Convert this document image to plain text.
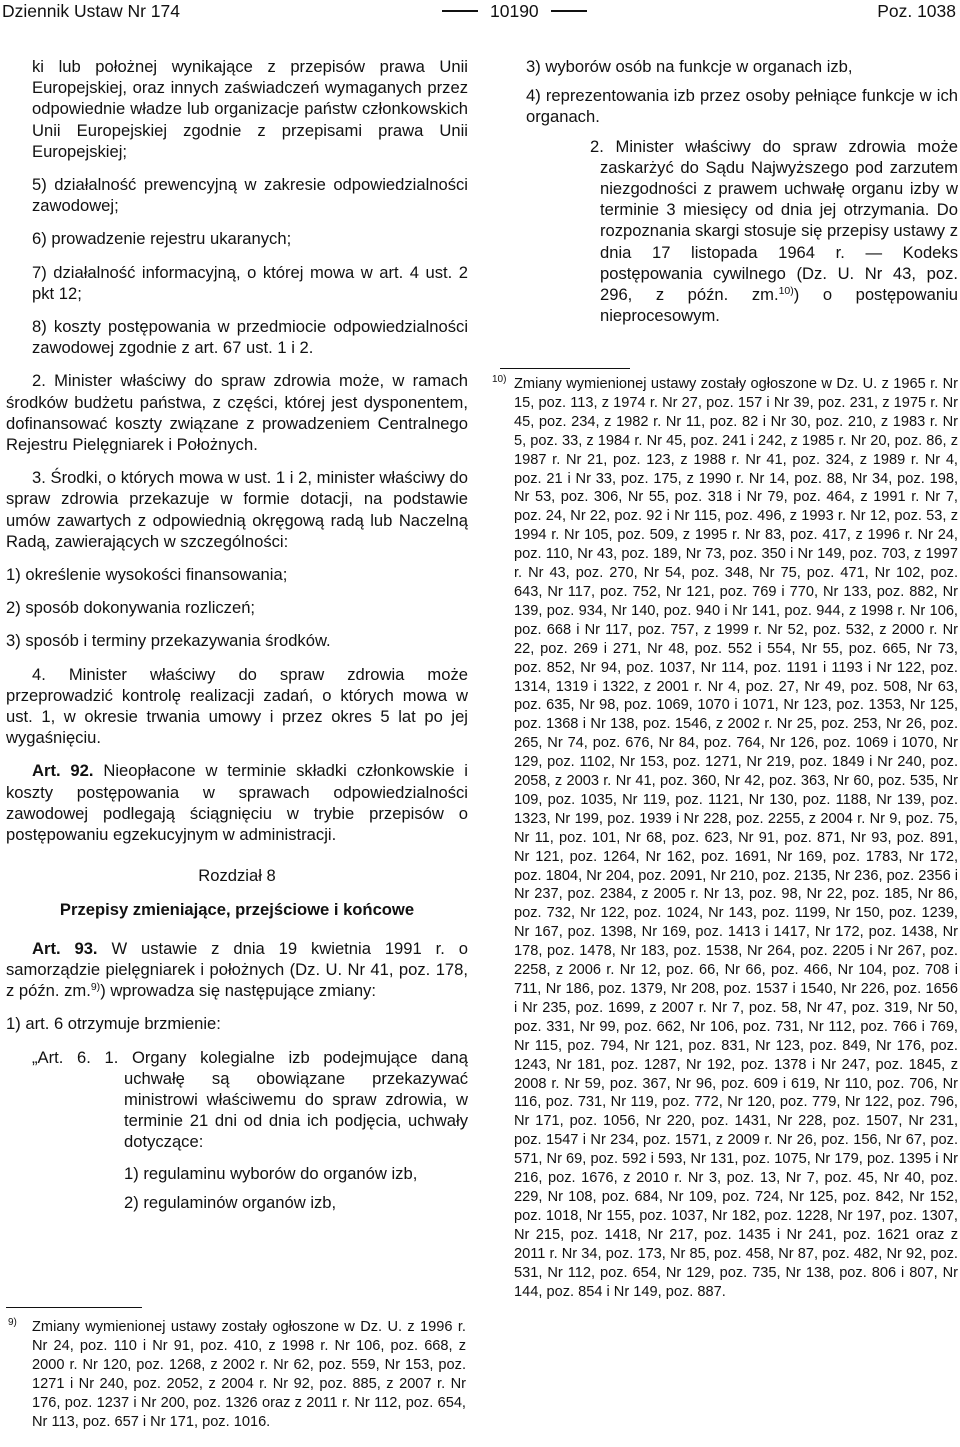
Dziennik Ustaw Nr 174	10190	Poz. 1038

ki lub położnej wynikające z przepisów prawa Unii Europejskiej, oraz innych zaświadczeń wymaganych przez odpowiednie władze lub organizacje państw członkowskich Unii Europejskiej zgodnie z przepisami prawa Unii Europejskiej;

5) działalność prewencyjną w zakresie odpowiedzialności zawodowej;

6) prowadzenie rejestru ukaranych;

7) działalność informacyjną, o której mowa w art. 4 ust. 2 pkt 12;

8) koszty postępowania w przedmiocie odpowiedzialności zawodowej zgodnie z art. 67 ust. 1 i 2.

2. Minister właściwy do spraw zdrowia może, w ramach środków budżetu państwa, z części, której jest dysponentem, dofinansować koszty związane z prowadzeniem Centralnego Rejestru Pielęgniarek i Położnych.

3. Środki, o których mowa w ust. 1 i 2, minister właściwy do spraw zdrowia przekazuje w formie dotacji, na podstawie umów zawartych z odpowiednią okręgową radą lub Naczelną Radą, zawierających w szczególności:

1) określenie wysokości finansowania;

2) sposób dokonywania rozliczeń;

3) sposób i terminy przekazywania środków.

4. Minister właściwy do spraw zdrowia może przeprowadzić kontrolę realizacji zadań, o których mowa w ust. 1, w okresie trwania umowy i przez okres 5 lat po jej wygaśnięciu.

Art. 92. Nieopłacone w terminie składki członkowskie i koszty postępowania w sprawach odpowiedzialności zawodowej podlegają ściągnięciu w trybie przepisów o postępowaniu egzekucyjnym w administracji.

Rozdział 8

Przepisy zmieniające, przejściowe i końcowe

Art. 93. W ustawie z dnia 19 kwietnia 1991 r. o samorządzie pielęgniarek i położnych (Dz. U. Nr 41, poz. 178, z późn. zm.$^{9)}$) wprowadza się następujące zmiany:

1) art. 6 otrzymuje brzmienie:

„Art. 6. 1. Organy kolegialne izb podejmujące daną uchwałę są obowiązane przekazywać ministrowi właściwemu do spraw zdrowia, w terminie 21 dni od dnia ich podjęcia, uchwały dotyczące:

1) regulaminu wyborów do organów izb,

2) regulaminów organów izb,

9) Zmiany wymienionej ustawy zostały ogłoszone w Dz. U. z 1996 r. Nr 24, poz. 110 i Nr 91, poz. 410, z 1998 r. Nr 106, poz. 668, z 2000 r. Nr 120, poz. 1268, z 2002 r. Nr 62, poz. 559, Nr 153, poz. 1271 i Nr 240, poz. 2052, z 2004 r. Nr 92, poz. 885, z 2007 r. Nr 176, poz. 1237 i Nr 200, poz. 1326 oraz z 2011 r. Nr 112, poz. 654, Nr 113, poz. 657 i Nr 171, poz. 1016.

3) wyborów osób na funkcje w organach izb,

4) reprezentowania izb przez osoby pełniące funkcje w ich organach.

2. Minister właściwy do spraw zdrowia może zaskarżyć do Sądu Najwyższego pod zarzutem niezgodności z prawem uchwałę organu izby w terminie 3 miesięcy od dnia jej otrzymania. Do rozpoznania skargi stosuje się przepisy ustawy z dnia 17 listopada 1964 r. — Kodeks postępowania cywilnego (Dz. U. Nr 43, poz. 296, z późn. zm.$^{10)}$) o postępowaniu nieprocesowym.

10) Zmiany wymienionej ustawy zostały ogłoszone w Dz. U. z 1965 r. Nr 15, poz. 113, z 1974 r. Nr 27, poz. 157 i Nr 39, poz. 231, z 1975 r. Nr 45, poz. 234, z 1982 r. Nr 11, poz. 82 i Nr 30, poz. 210, z 1983 r. Nr 5, poz. 33, z 1984 r. Nr 45, poz. 241 i 242, z 1985 r. Nr 20, poz. 86, z 1987 r. Nr 21, poz. 123, z 1988 r. Nr 41, poz. 324, z 1989 r. Nr 4, poz. 21 i Nr 33, poz. 175, z 1990 r. Nr 14, poz. 88, Nr 34, poz. 198, Nr 53, poz. 306, Nr 55, poz. 318 i Nr 79, poz. 464, z 1991 r. Nr 7, poz. 24, Nr 22, poz. 92 i Nr 115, poz. 496, z 1993 r. Nr 12, poz. 53, z 1994 r. Nr 105, poz. 509, z 1995 r. Nr 83, poz. 417, z 1996 r. Nr 24, poz. 110, Nr 43, poz. 189, Nr 73, poz. 350 i Nr 149, poz. 703, z 1997 r. Nr 43, poz. 270, Nr 54, poz. 348, Nr 75, poz. 471, Nr 102, poz. 643, Nr 117, poz. 752, Nr 121, poz. 769 i 770, Nr 133, poz. 882, Nr 139, poz. 934, Nr 140, poz. 940 i Nr 141, poz. 944, z 1998 r. Nr 106, poz. 668 i Nr 117, poz. 757, z 1999 r. Nr 52, poz. 532, z 2000 r. Nr 22, poz. 269 i 271, Nr 48, poz. 552 i 554, Nr 55, poz. 665, Nr 73, poz. 852, Nr 94, poz. 1037, Nr 114, poz. 1191 i 1193 i Nr 122, poz. 1314, 1319 i 1322, z 2001 r. Nr 4, poz. 27, Nr 49, poz. 508, Nr 63, poz. 635, Nr 98, poz. 1069, 1070 i 1071, Nr 123, poz. 1353, Nr 125, poz. 1368 i Nr 138, poz. 1546, z 2002 r. Nr 25, poz. 253, Nr 26, poz. 265, Nr 74, poz. 676, Nr 84, poz. 764, Nr 126, poz. 1069 i 1070, Nr 129, poz. 1102, Nr 153, poz. 1271, Nr 219, poz. 1849 i Nr 240, poz. 2058, z 2003 r. Nr 41, poz. 360, Nr 42, poz. 363, Nr 60, poz. 535, Nr 109, poz. 1035, Nr 119, poz. 1121, Nr 130, poz. 1188, Nr 139, poz. 1323, Nr 199, poz. 1939 i Nr 228, poz. 2255, z 2004 r. Nr 9, poz. 75, Nr 11, poz. 101, Nr 68, poz. 623, Nr 91, poz. 871, Nr 93, poz. 891, Nr 121, poz. 1264, Nr 162, poz. 1691, Nr 169, poz. 1783, Nr 172, poz. 1804, Nr 204, poz. 2091, Nr 210, poz. 2135, Nr 236, poz. 2356 i Nr 237, poz. 2384, z 2005 r. Nr 13, poz. 98, Nr 22, poz. 185, Nr 86, poz. 732, Nr 122, poz. 1024, Nr 143, poz. 1199, Nr 150, poz. 1239, Nr 167, poz. 1398, Nr 169, poz. 1413 i 1417, Nr 172, poz. 1438, Nr 178, poz. 1478, Nr 183, poz. 1538, Nr 264, poz. 2205 i Nr 267, poz. 2258, z 2006 r. Nr 12, poz. 66, Nr 66, poz. 466, Nr 104, poz. 708 i 711, Nr 186, poz. 1379, Nr 208, poz. 1537 i 1540, Nr 226, poz. 1656 i Nr 235, poz. 1699, z 2007 r. Nr 7, poz. 58, Nr 47, poz. 319, Nr 50, poz. 331, Nr 99, poz. 662, Nr 106, poz. 731, Nr 112, poz. 766 i 769, Nr 115, poz. 794, Nr 121, poz. 831, Nr 123, poz. 849, Nr 176, poz. 1243, Nr 181, poz. 1287, Nr 192, poz. 1378 i Nr 247, poz. 1845, z 2008 r. Nr 59, poz. 367, Nr 96, poz. 609 i 619, Nr 110, poz. 706, Nr 116, poz. 731, Nr 119, poz. 772, Nr 120, poz. 779, Nr 122, poz. 796, Nr 171, poz. 1056, Nr 220, poz. 1431, Nr 228, poz. 1507, Nr 231, poz. 1547 i Nr 234, poz. 1571, z 2009 r. Nr 26, poz. 156, Nr 67, poz. 571, Nr 69, poz. 592 i 593, Nr 131, poz. 1075, Nr 179, poz. 1395 i Nr 216, poz. 1676, z 2010 r. Nr 3, poz. 13, Nr 7, poz. 45, Nr 40, poz. 229, Nr 108, poz. 684, Nr 109, poz. 724, Nr 125, poz. 842, Nr 152, poz. 1018, Nr 155, poz. 1037, Nr 182, poz. 1228, Nr 197, poz. 1307, Nr 215, poz. 1418, Nr 217, poz. 1435 i Nr 241, poz. 1621 oraz z 2011 r. Nr 34, poz. 173, Nr 85, poz. 458, Nr 87, poz. 482, Nr 92, poz. 531, Nr 112, poz. 654, Nr 129, poz. 735, Nr 138, poz. 806 i 807, Nr 144, poz. 854 i Nr 149, poz. 887.
